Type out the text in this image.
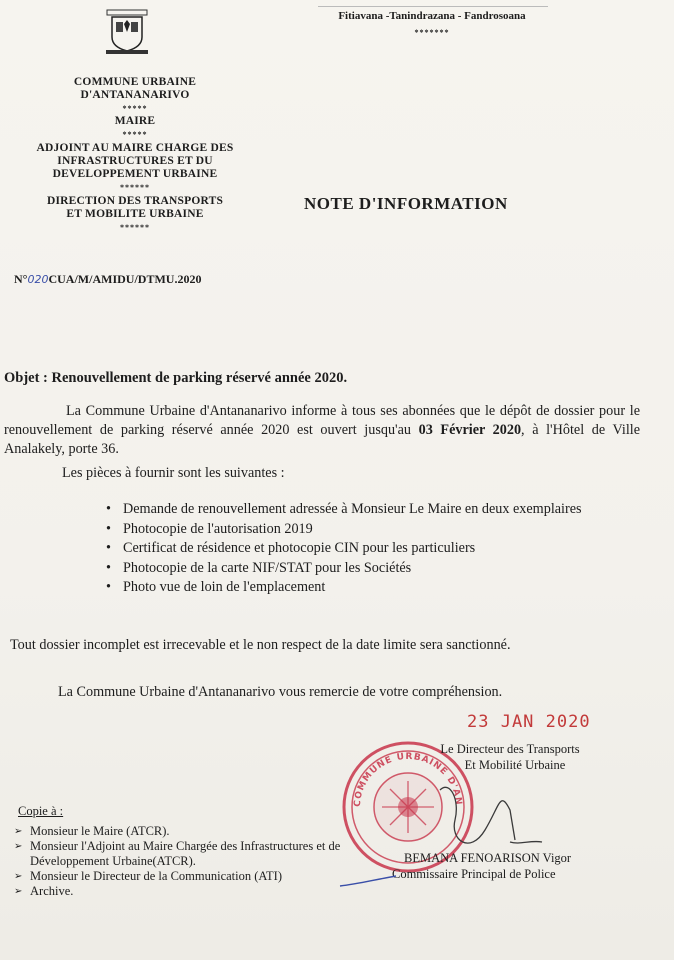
Fitiavana -Tanindrazana - Fandrosoana
*******
COMMUNE URBAINE
D'ANTANANARIVO
*****
MAIRE
*****
ADJOINT AU MAIRE CHARGE DES
INFRASTRUCTURES ET DU
DEVELOPPEMENT URBAINE
******
DIRECTION DES TRANSPORTS
ET MOBILITE URBAINE
******
N°020CUA/M/AMIDU/DTMU.2020
NOTE D'INFORMATION
Objet : Renouvellement de parking réservé année 2020.
La Commune Urbaine d'Antananarivo informe à tous ses abonnées que le dépôt de dossier pour le renouvellement de parking réservé année 2020 est ouvert jusqu'au 03 Février 2020, à l'Hôtel de Ville Analakely, porte 36.
Les pièces à fournir sont les suivantes :
• Demande de renouvellement adressée à Monsieur Le Maire en deux exemplaires
• Photocopie de l'autorisation 2019
• Certificat de résidence et photocopie CIN pour les particuliers
• Photocopie de la carte NIF/STAT pour les Sociétés
• Photo vue de loin de l'emplacement
Tout dossier incomplet est irrecevable et le non respect de la date limite sera sanctionné.
La Commune Urbaine d'Antananarivo vous remercie de votre compréhension.
23 JAN 2020
COMMUNE URBAINE D'AN
Le Directeur des Transports
Et Mobilité Urbaine
BEMANA FENOARISON Vigor
Commissaire Principal de Police
Copie à :
➢ Monsieur le Maire (ATCR).
➢ Monsieur l'Adjoint au Maire Chargée des Infrastructures et de Développement Urbaine(ATCR).
➢ Monsieur le Directeur de la Communication (ATI)
➢ Archive.
